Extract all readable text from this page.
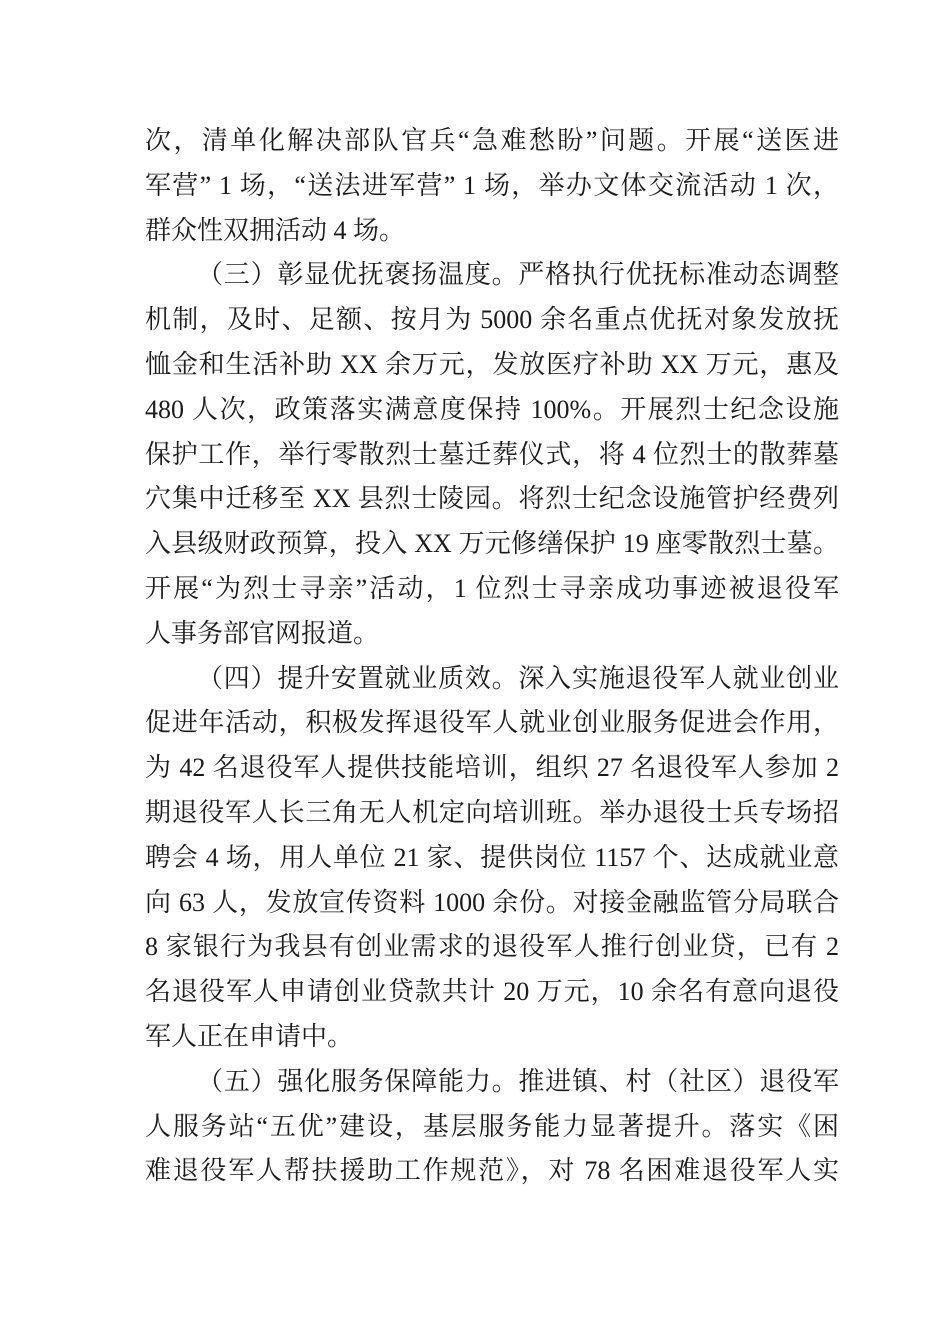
次，清单化解决部队官兵“急难愁盼”问题。开展“送医进
军营” 1 场，“送法进军营” 1 场，举办文体交流活动 1 次，
群众性双拥活动 4 场。
（三）彰显优抚褒扬温度。严格执行优抚标准动态调整
机制，及时、足额、按月为 5000 余名重点优抚对象发放抚
恤金和生活补助 XX 余万元，发放医疗补助 XX 万元，惠及
480 人次，政策落实满意度保持 100%。开展烈士纪念设施
保护工作，举行零散烈士墓迁葬仪式，将 4 位烈士的散葬墓
穴集中迁移至 XX 县烈士陵园。将烈士纪念设施管护经费列
入县级财政预算，投入 XX 万元修缮保护 19 座零散烈士墓。
开展“为烈士寻亲”活动，1 位烈士寻亲成功事迹被退役军
人事务部官网报道。
（四）提升安置就业质效。深入实施退役军人就业创业
促进年活动，积极发挥退役军人就业创业服务促进会作用，
为 42 名退役军人提供技能培训，组织 27 名退役军人参加 2
期退役军人长三角无人机定向培训班。举办退役士兵专场招
聘会 4 场，用人单位 21 家、提供岗位 1157 个、达成就业意
向 63 人，发放宣传资料 1000 余份。对接金融监管分局联合
8 家银行为我县有创业需求的退役军人推行创业贷，已有 2
名退役军人申请创业贷款共计 20 万元，10 余名有意向退役
军人正在申请中。
（五）强化服务保障能力。推进镇、村（社区）退役军
人服务站“五优”建设，基层服务能力显著提升。落实《困
难退役军人帮扶援助工作规范》，对 78 名困难退役军人实
